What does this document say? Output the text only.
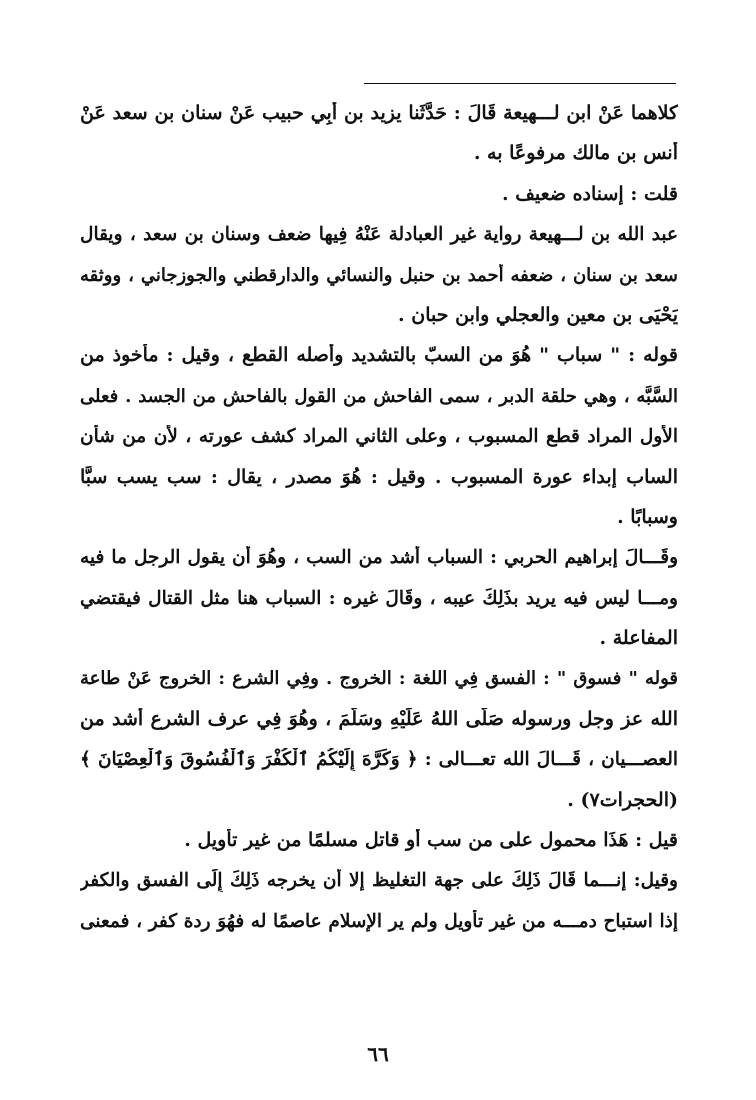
كلاهما عَنْ ابن لـــهيعة قَالَ : حَدَّثَنا يزيد بن أَبِي حبيب عَنْ سنان بن سعد عَنْ
أنس بن مالك مرفوعًا به .
قلت : إسناده ضعيف .
عبد الله بن لـــهيعة رواية غير العبادلة عَنْهُ فِيها ضعف وسنان بن سعد ، ويقال
سعد بن سنان ، ضعفه أحمد بن حنبل والنسائي والدارقطني والجوزجاني ، ووثقه
يَحْيَى بن معين والعجلي وابن حبان .
قوله : " سباب " هُوَ من السبّ بالتشديد وأصله القطع ، وقيل : مأخوذ من
السَّبَّه ، وهي حلقة الدبر ، سمى الفاحش من القول بالفاحش من الجسد . فعلى
الأول المراد قطع المسبوب ، وعلى الثاني المراد كشف عورته ، لأن من شأن
الساب إبداء عورة المسبوب . وقيل : هُوَ مصدر ، يقال : سب يسب سبًّا
وسبابًا .
وقَـــالَ إبراهيم الحربي : السباب أشد من السب ، وهُوَ أن يقول الرجل ما فيه
ومـــا ليس فيه يريد بذَلِكَ عيبه ، وقَالَ غيره : السباب هنا مثل القتال فيقتضي
المفاعلة .
قوله " فسوق " : الفسق فِي اللغة : الخروج . وفِي الشرع : الخروج عَنْ طاعة
الله عز وجل ورسوله صَلَّى اللهُ عَلَيْهِ وسَلَّمَ ، وهُوَ فِي عرف الشرع أشد من
العصـــيان ، قَـــالَ الله تعـــالى : ﴿ وَكَرَّهَ إِلَيْكُمُ ٱلْكُفْرَ وَٱلْفُسُوقَ وَٱلْعِصْيَانَ ﴾
(الحجرات٧) .
قيل : هَذَا محمول على من سب أو قاتل مسلمًا من غير تأويل .
وقيل: إنـــما قَالَ ذَلِكَ على جهة التغليظ إلا أن يخرجه ذَلِكَ إِلَى الفسق والكفر
إذا استباح دمـــه من غير تأويل ولم ير الإسلام عاصمًا له فهُوَ ردة كفر ، فمعنى
٦٦
